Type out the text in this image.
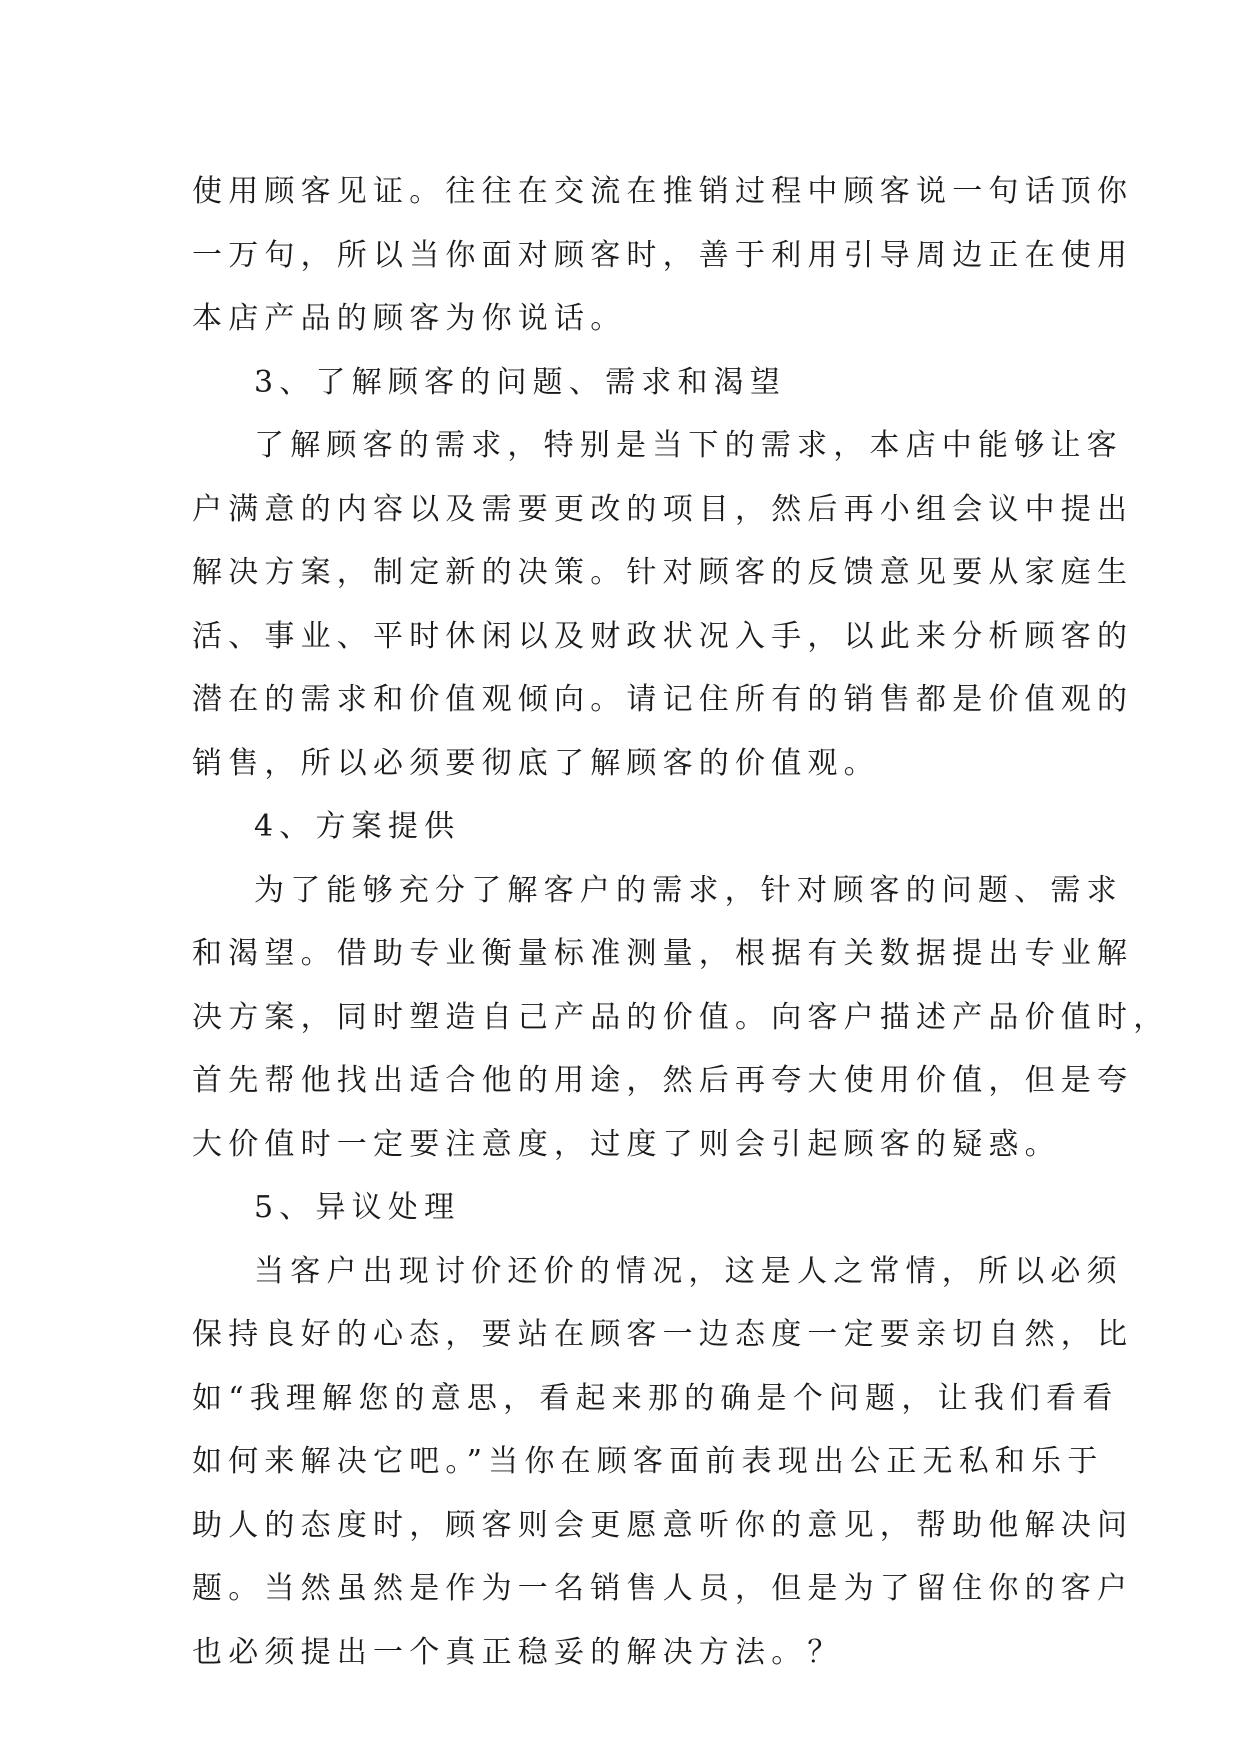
使用顾客见证。往往在交流在推销过程中顾客说一句话顶你
一万句，所以当你面对顾客时，善于利用引导周边正在使用
本店产品的顾客为你说话。
3、了解顾客的问题、需求和渴望
了解顾客的需求，特别是当下的需求，本店中能够让客
户满意的内容以及需要更改的项目，然后再小组会议中提出
解决方案，制定新的决策。针对顾客的反馈意见要从家庭生
活、事业、平时休闲以及财政状况入手，以此来分析顾客的
潜在的需求和价值观倾向。请记住所有的销售都是价值观的
销售，所以必须要彻底了解顾客的价值观。
4、方案提供
为了能够充分了解客户的需求，针对顾客的问题、需求
和渴望。借助专业衡量标准测量，根据有关数据提出专业解
决方案，同时塑造自己产品的价值。向客户描述产品价值时，
首先帮他找出适合他的用途，然后再夸大使用价值，但是夸
大价值时一定要注意度，过度了则会引起顾客的疑惑。
5、异议处理
当客户出现讨价还价的情况，这是人之常情，所以必须
保持良好的心态，要站在顾客一边态度一定要亲切自然，比
如“我理解您的意思，看起来那的确是个问题，让我们看看
如何来解决它吧。”当你在顾客面前表现出公正无私和乐于
助人的态度时，顾客则会更愿意听你的意见，帮助他解决问
题。当然虽然是作为一名销售人员，但是为了留住你的客户
也必须提出一个真正稳妥的解决方法。？
